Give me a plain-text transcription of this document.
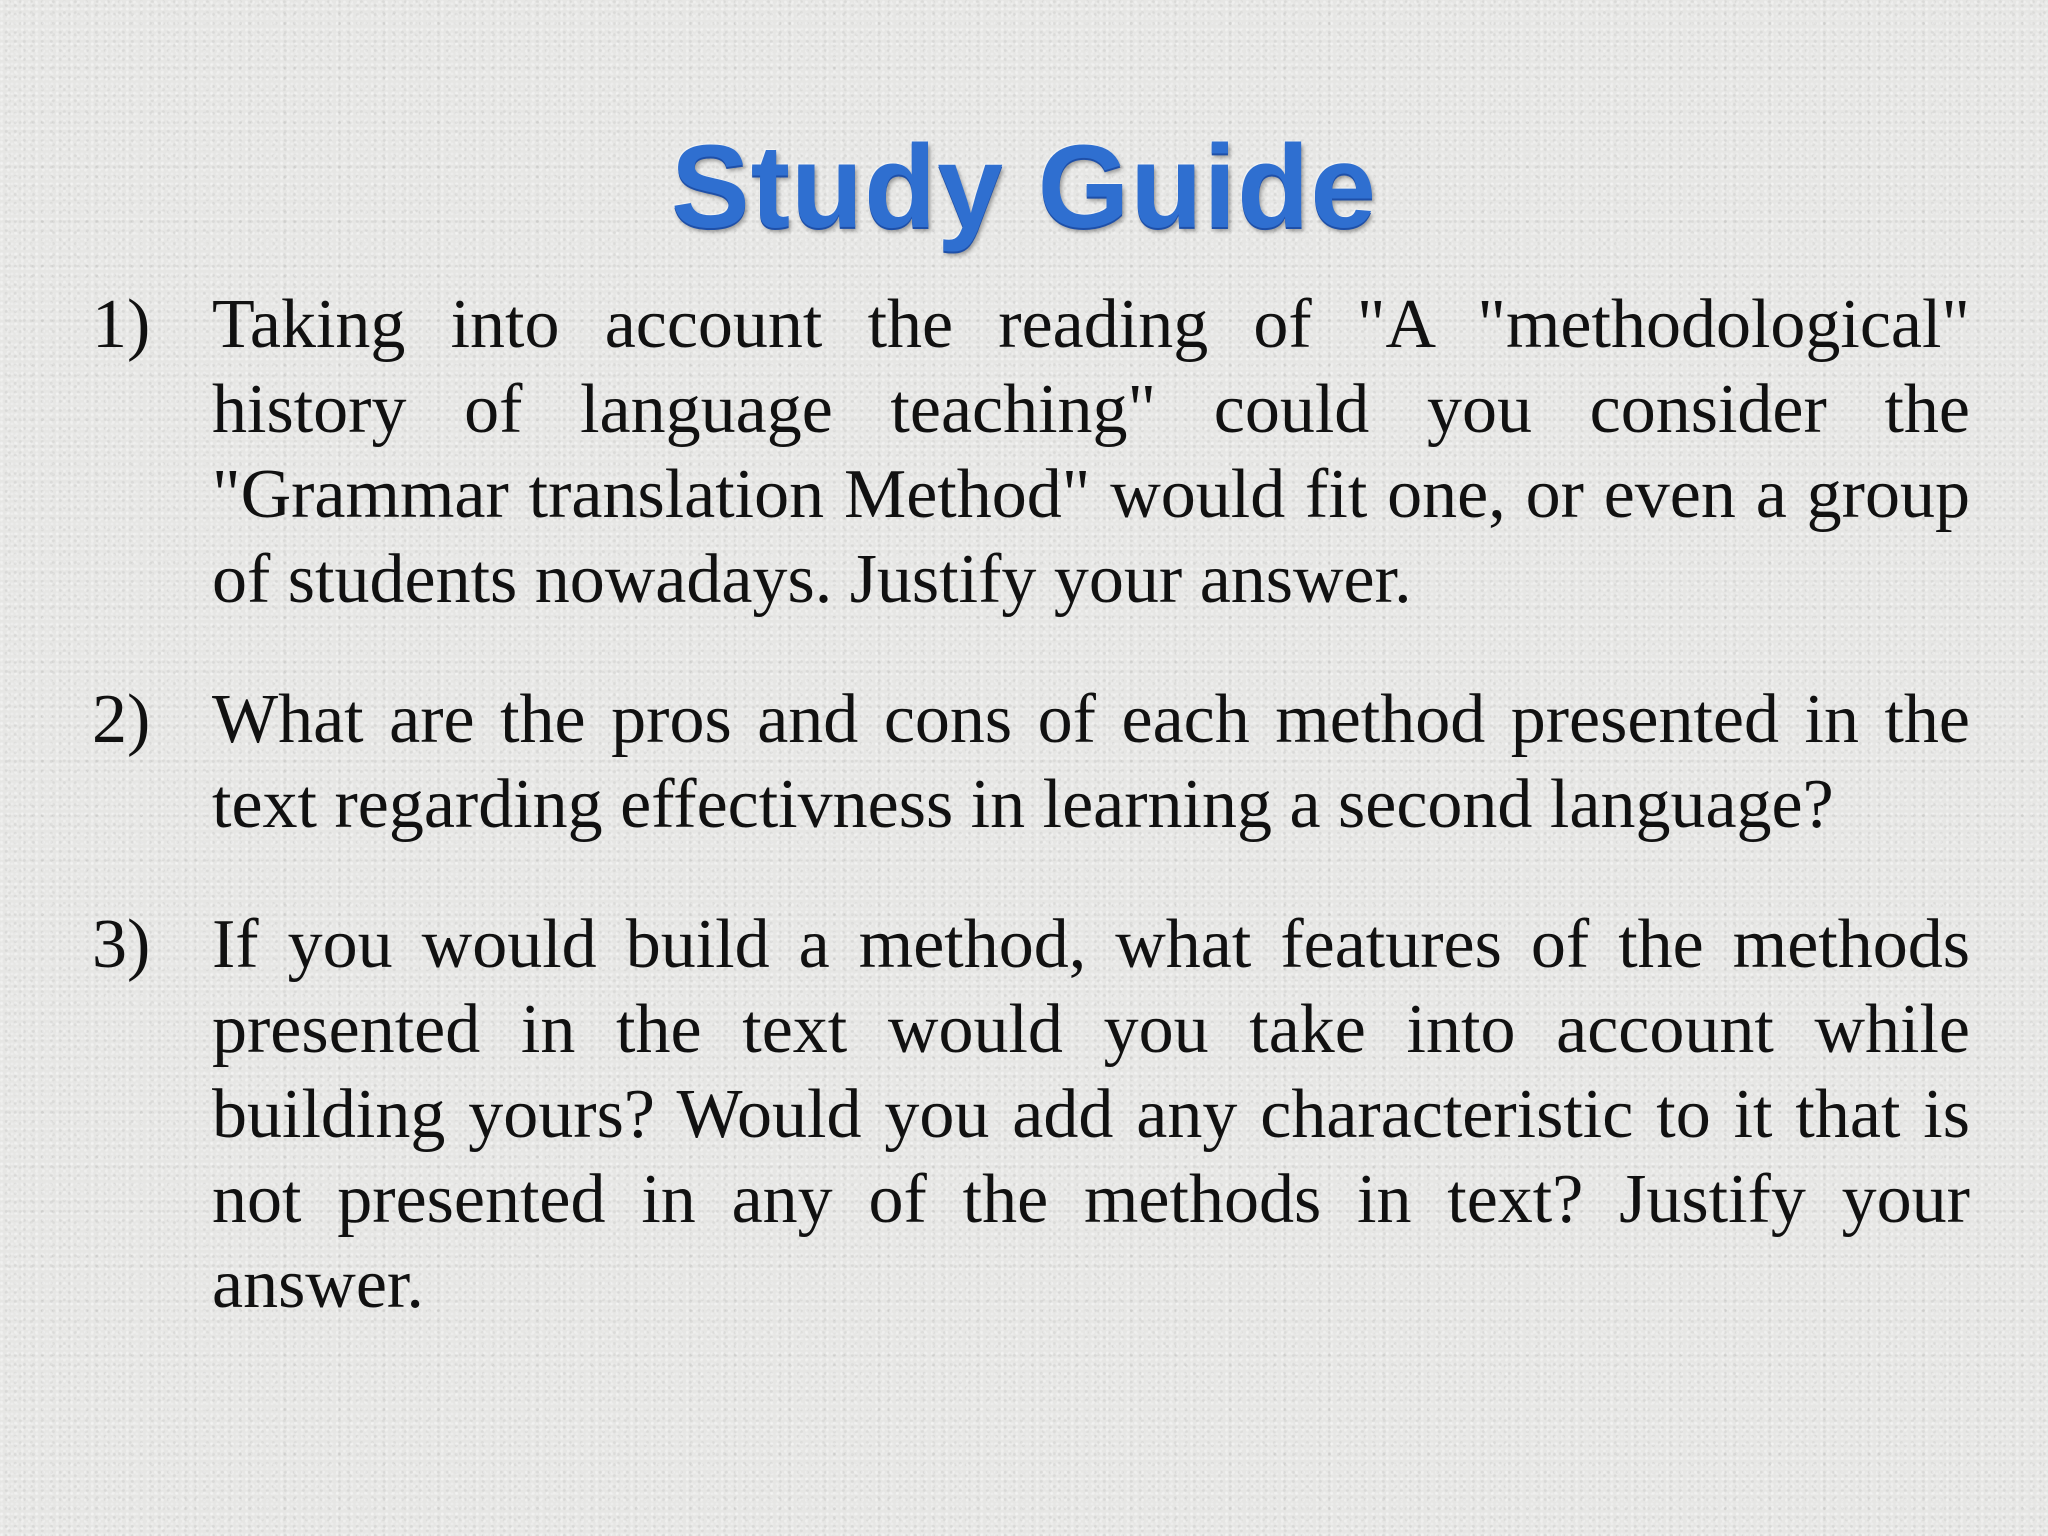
Study Guide
1) Taking into account the reading of "A "methodological" history of language teaching" could you consider the "Grammar translation Method" would fit one, or even a group of students nowadays. Justify your answer.
2) What are the pros and cons of each method presented in the text regarding effectivness in learning a second language?
3) If you would build a method, what features of the methods presented in the text would you take into account while building yours? Would you add any characteristic to it that is not presented in any of the methods in text? Justify your answer.
